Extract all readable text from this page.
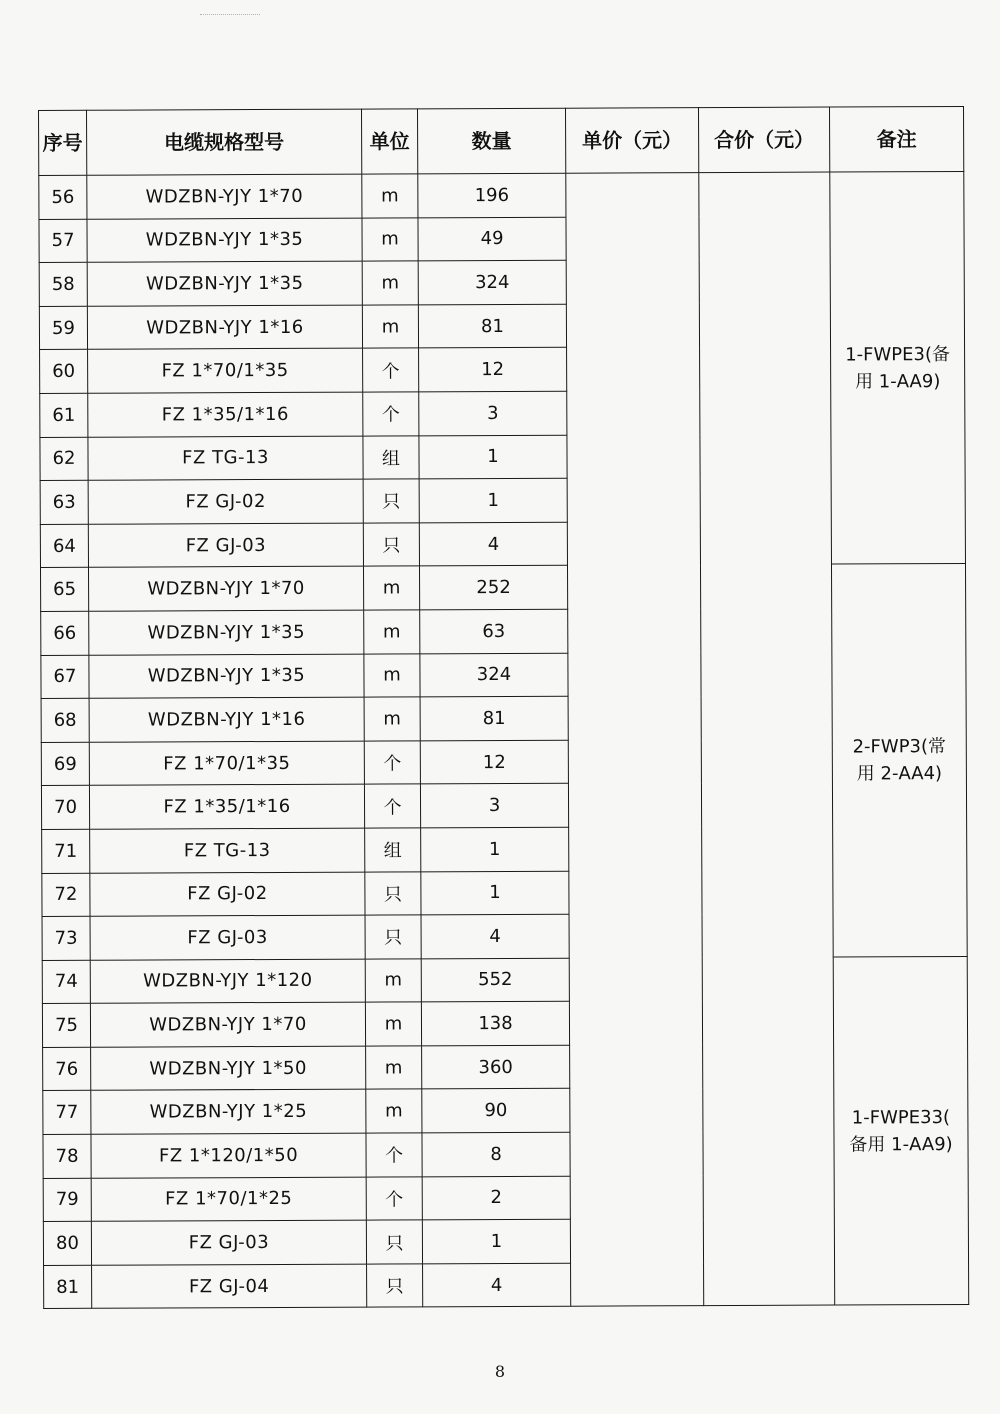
序号	电缆规格型号	单位	数量	单价（元）	合价（元）	备注
56	WDZBN-YJY 1*70	m	196			1-FWPE3(备
用 1-AA9)

57	WDZBN-YJY 1*35	m	49			
58	WDZBN-YJY 1*35	m	324			
59	WDZBN-YJY 1*16	m	81			
60	FZ 1*70/1*35	个	12			
61	FZ 1*35/1*16	个	3			
62	FZ TG-13	组	1			
63	FZ GJ-02	只	1			
64	FZ GJ-03	只	4			
65	WDZBN-YJY 1*70	m	252			2-FWP3(常
用 2-AA4)

66	WDZBN-YJY 1*35	m	63			
67	WDZBN-YJY 1*35	m	324			
68	WDZBN-YJY 1*16	m	81			
69	FZ 1*70/1*35	个	12			
70	FZ 1*35/1*16	个	3			
71	FZ TG-13	组	1			
72	FZ GJ-02	只	1			
73	FZ GJ-03	只	4			
74	WDZBN-YJY 1*120	m	552			1-FWPE33(
备用 1-AA9)

75	WDZBN-YJY 1*70	m	138			
76	WDZBN-YJY 1*50	m	360			
77	WDZBN-YJY 1*25	m	90			
78	FZ 1*120/1*50	个	8			
79	FZ 1*70/1*25	个	2			
80	FZ GJ-03	只	1			
81	FZ GJ-04	只	4			
8
